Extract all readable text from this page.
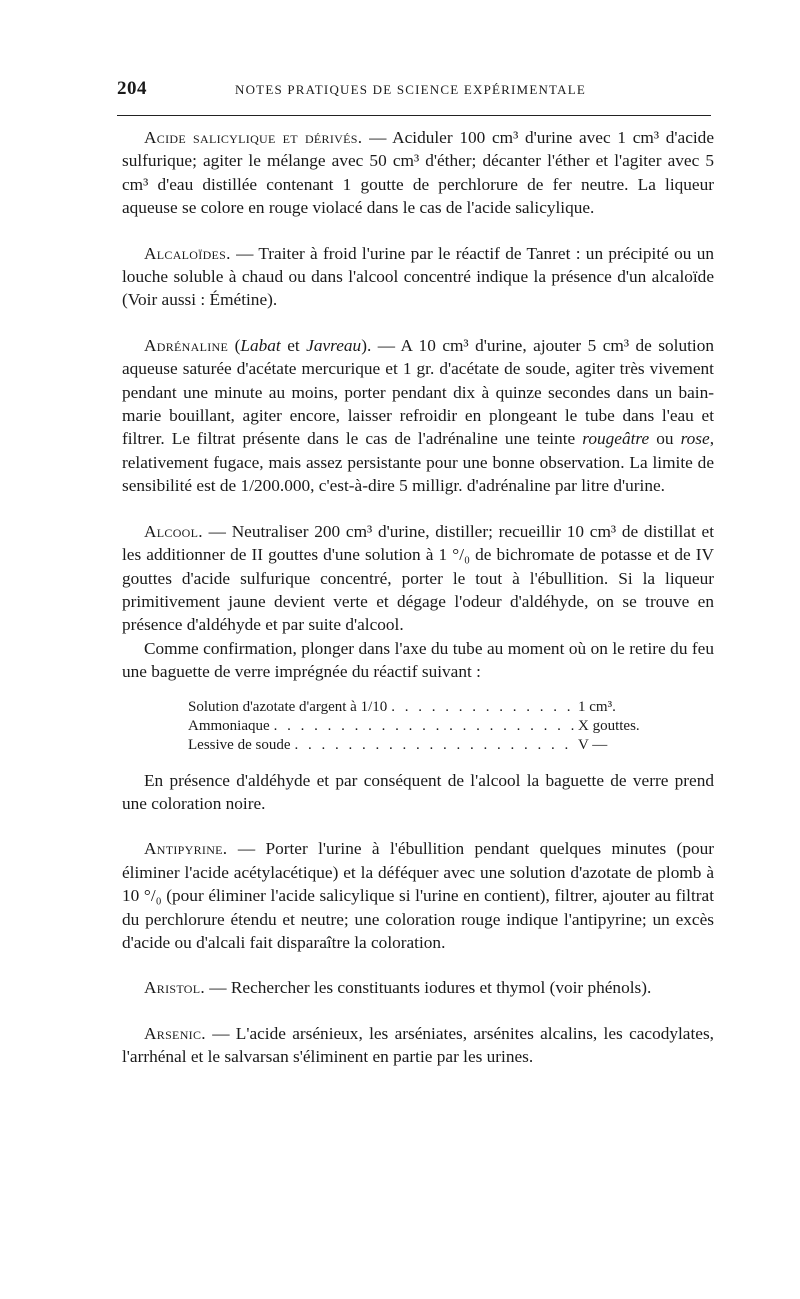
204	NOTES PRATIQUES DE SCIENCE EXPÉRIMENTALE

Acide salicylique et dérivés. — Aciduler 100 cm³ d'urine avec 1 cm³ d'acide sulfurique; agiter le mélange avec 50 cm³ d'éther; décanter l'éther et l'agiter avec 5 cm³ d'eau distillée contenant 1 goutte de perchlorure de fer neutre. La liqueur aqueuse se colore en rouge violacé dans le cas de l'acide salicylique.

Alcaloïdes. — Traiter à froid l'urine par le réactif de Tanret : un précipité ou un louche soluble à chaud ou dans l'alcool concentré indique la présence d'un alcaloïde (Voir aussi : Émétine).

Adrénaline (Labat et Javreau). — A 10 cm³ d'urine, ajouter 5 cm³ de solution aqueuse saturée d'acétate mercurique et 1 gr. d'acétate de soude, agiter très vivement pendant une minute au moins, porter pendant dix à quinze secondes dans un bain-marie bouillant, agiter encore, laisser refroidir en plongeant le tube dans l'eau et filtrer. Le filtrat présente dans le cas de l'adrénaline une teinte rougeâtre ou rose, relativement fugace, mais assez persistante pour une bonne observation. La limite de sensibilité est de 1/200.000, c'est-à-dire 5 milligr. d'adrénaline par litre d'urine.

Alcool. — Neutraliser 200 cm³ d'urine, distiller; recueillir 10 cm³ de distillat et les additionner de II gouttes d'une solution à 1 °/₀ de bichromate de potasse et de IV gouttes d'acide sulfurique concentré, porter le tout à l'ébullition. Si la liqueur primitivement jaune devient verte et dégage l'odeur d'aldéhyde, on se trouve en présence d'aldéhyde et par suite d'alcool.

Comme confirmation, plonger dans l'axe du tube au moment où on le retire du feu une baguette de verre imprégnée du réactif suivant :

Solution d'azotate d'argent à 1/10 . . .	1 cm³.
Ammoniaque . . .	X gouttes.
Lessive de soude . . .	V —

En présence d'aldéhyde et par conséquent de l'alcool la baguette de verre prend une coloration noire.

Antipyrine. — Porter l'urine à l'ébullition pendant quelques minutes (pour éliminer l'acide acétylacétique) et la déféquer avec une solution d'azotate de plomb à 10 °/₀ (pour éliminer l'acide salicylique si l'urine en contient), filtrer, ajouter au filtrat du perchlorure étendu et neutre; une coloration rouge indique l'antipyrine; un excès d'acide ou d'alcali fait disparaître la coloration.

Aristol. — Rechercher les constituants iodures et thymol (voir phénols).

Arsenic. — L'acide arsénieux, les arséniates, arsénites alcalins, les cacodylates, l'arrhénal et le salvarsan s'éliminent en partie par les urines.
